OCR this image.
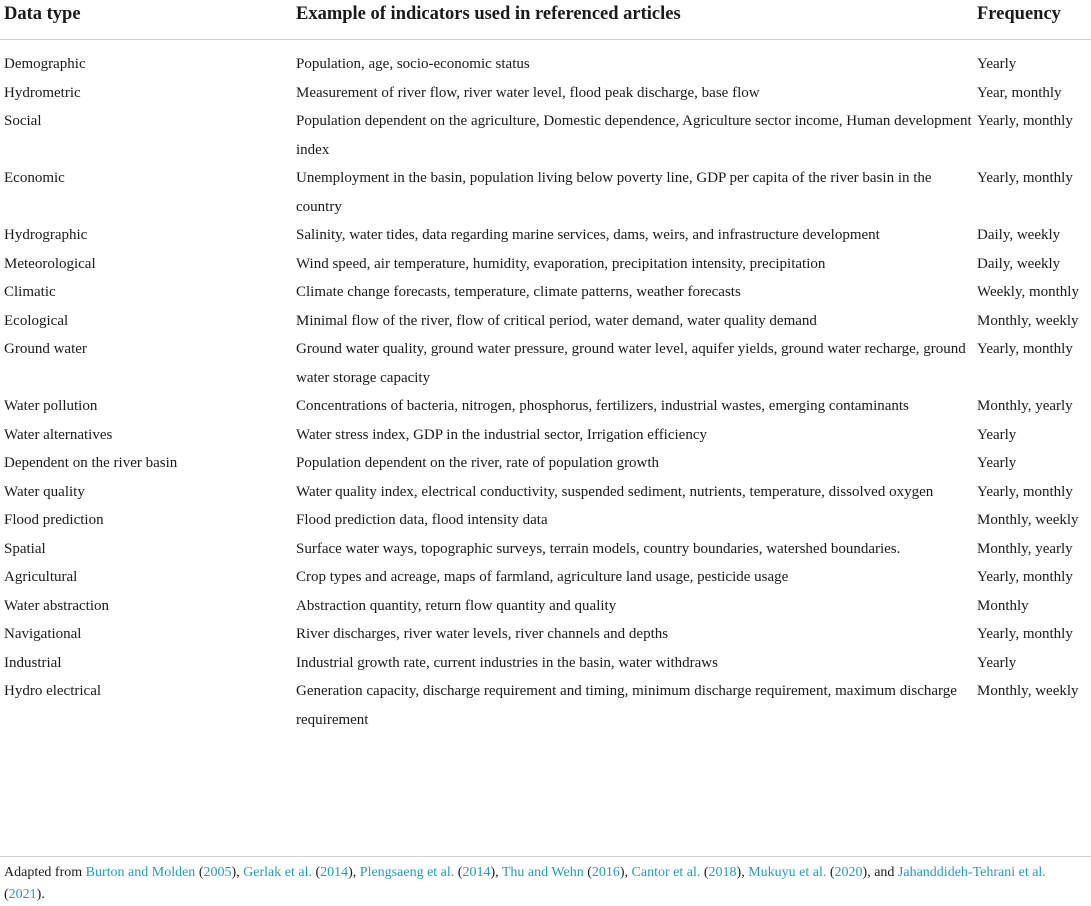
Data type	Example of indicators used in referenced articles	Frequency
Demographic	Population, age, socio-economic status	Yearly
Hydrometric	Measurement of river flow, river water level, flood peak discharge, base flow	Year, monthly
Social	Population dependent on the agriculture, Domestic dependence, Agriculture sector income, Human development index	Yearly, monthly
Economic	Unemployment in the basin, population living below poverty line, GDP per capita of the river basin in the country	Yearly, monthly
Hydrographic	Salinity, water tides, data regarding marine services, dams, weirs, and infrastructure development	Daily, weekly
Meteorological	Wind speed, air temperature, humidity, evaporation, precipitation intensity, precipitation	Daily, weekly
Climatic	Climate change forecasts, temperature, climate patterns, weather forecasts	Weekly, monthly
Ecological	Minimal flow of the river, flow of critical period, water demand, water quality demand	Monthly, weekly
Ground water	Ground water quality, ground water pressure, ground water level, aquifer yields, ground water recharge, ground water storage capacity	Yearly, monthly
Water pollution	Concentrations of bacteria, nitrogen, phosphorus, fertilizers, industrial wastes, emerging contaminants	Monthly, yearly
Water alternatives	Water stress index, GDP in the industrial sector, Irrigation efficiency	Yearly
Dependent on the river basin	Population dependent on the river, rate of population growth	Yearly
Water quality	Water quality index, electrical conductivity, suspended sediment, nutrients, temperature, dissolved oxygen	Yearly, monthly
Flood prediction	Flood prediction data, flood intensity data	Monthly, weekly
Spatial	Surface water ways, topographic surveys, terrain models, country boundaries, watershed boundaries.	Monthly, yearly
Agricultural	Crop types and acreage, maps of farmland, agriculture land usage, pesticide usage	Yearly, monthly
Water abstraction	Abstraction quantity, return flow quantity and quality	Monthly
Navigational	River discharges, river water levels, river channels and depths	Yearly, monthly
Industrial	Industrial growth rate, current industries in the basin, water withdraws	Yearly
Hydro electrical	Generation capacity, discharge requirement and timing, minimum discharge requirement, maximum discharge requirement	Monthly, weekly
Adapted from Burton and Molden (2005), Gerlak et al. (2014), Plengsaeng et al. (2014), Thu and Wehn (2016), Cantor et al. (2018), Mukuyu et al. (2020), and Jahanddideh-Tehrani et al. (2021).
